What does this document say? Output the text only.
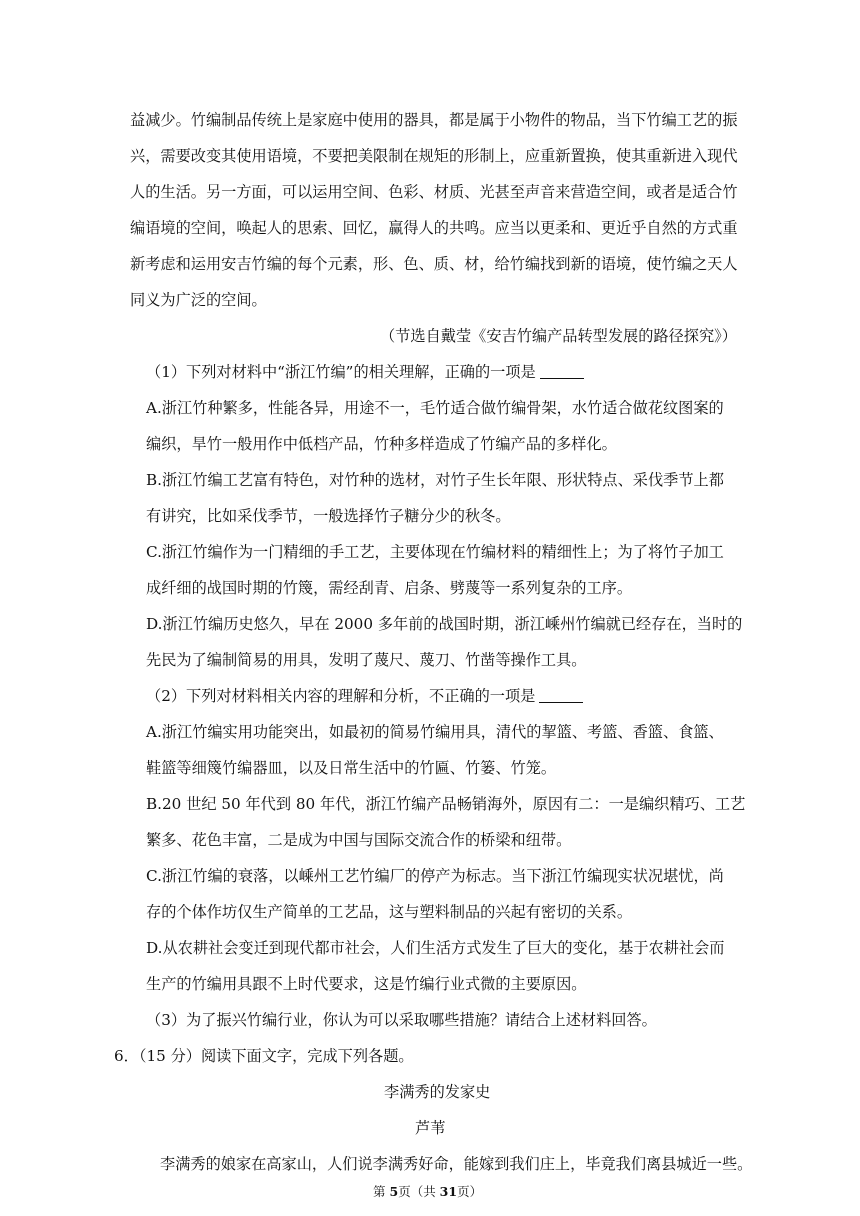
益减少。竹编制品传统上是家庭中使用的器具，都是属于小物件的物品，当下竹编工艺的振
兴，需要改变其使用语境，不要把美限制在规矩的形制上，应重新置换，使其重新进入现代
人的生活。另一方面，可以运用空间、色彩、材质、光甚至声音来营造空间，或者是适合竹
编语境的空间，唤起人的思索、回忆，赢得人的共鸣。应当以更柔和、更近乎自然的方式重
新考虑和运用安吉竹编的每个元素，形、色、质、材，给竹编找到新的语境，使竹编之天人
同义为广泛的空间。
（节选自戴莹《安吉竹编产品转型发展的路径探究》）
（1）下列对材料中“浙江竹编”的相关理解，正确的一项是
A.浙江竹种繁多，性能各异，用途不一，毛竹适合做竹编骨架，水竹适合做花纹图案的
编织，旱竹一般用作中低档产品，竹种多样造成了竹编产品的多样化。
B.浙江竹编工艺富有特色，对竹种的选材，对竹子生长年限、形状特点、采伐季节上都
有讲究，比如采伐季节，一般选择竹子糖分少的秋冬。
C.浙江竹编作为一门精细的手工艺，主要体现在竹编材料的精细性上；为了将竹子加工
成纤细的战国时期的竹篾，需经刮青、启条、劈蔑等一系列复杂的工序。
D.浙江竹编历史悠久，早在 2000 多年前的战国时期，浙江嵊州竹编就已经存在，当时的
先民为了编制简易的用具，发明了蔑尺、蔑刀、竹凿等操作工具。
（2）下列对材料相关内容的理解和分析，不正确的一项是
A.浙江竹编实用功能突出，如最初的简易竹编用具，清代的挈篮、考篮、香篮、食篮、
鞋篮等细篾竹编器皿，以及日常生活中的竹匾、竹篓、竹笼。
B.20 世纪 50 年代到 80 年代，浙江竹编产品畅销海外，原因有二：一是编织精巧、工艺
繁多、花色丰富，二是成为中国与国际交流合作的桥梁和纽带。
C.浙江竹编的衰落，以嵊州工艺竹编厂的停产为标志。当下浙江竹编现实状况堪忧，尚
存的个体作坊仅生产简单的工艺品，这与塑料制品的兴起有密切的关系。
D.从农耕社会变迁到现代都市社会，人们生活方式发生了巨大的变化，基于农耕社会而
生产的竹编用具跟不上时代要求，这是竹编行业式微的主要原因。
（3）为了振兴竹编行业，你认为可以采取哪些措施？请结合上述材料回答。
6．（15 分）阅读下面文字，完成下列各题。
李满秀的发家史
芦苇
李满秀的娘家在高家山，人们说李满秀好命，能嫁到我们庄上，毕竟我们离县城近一些。
第 5页（共 31页）
